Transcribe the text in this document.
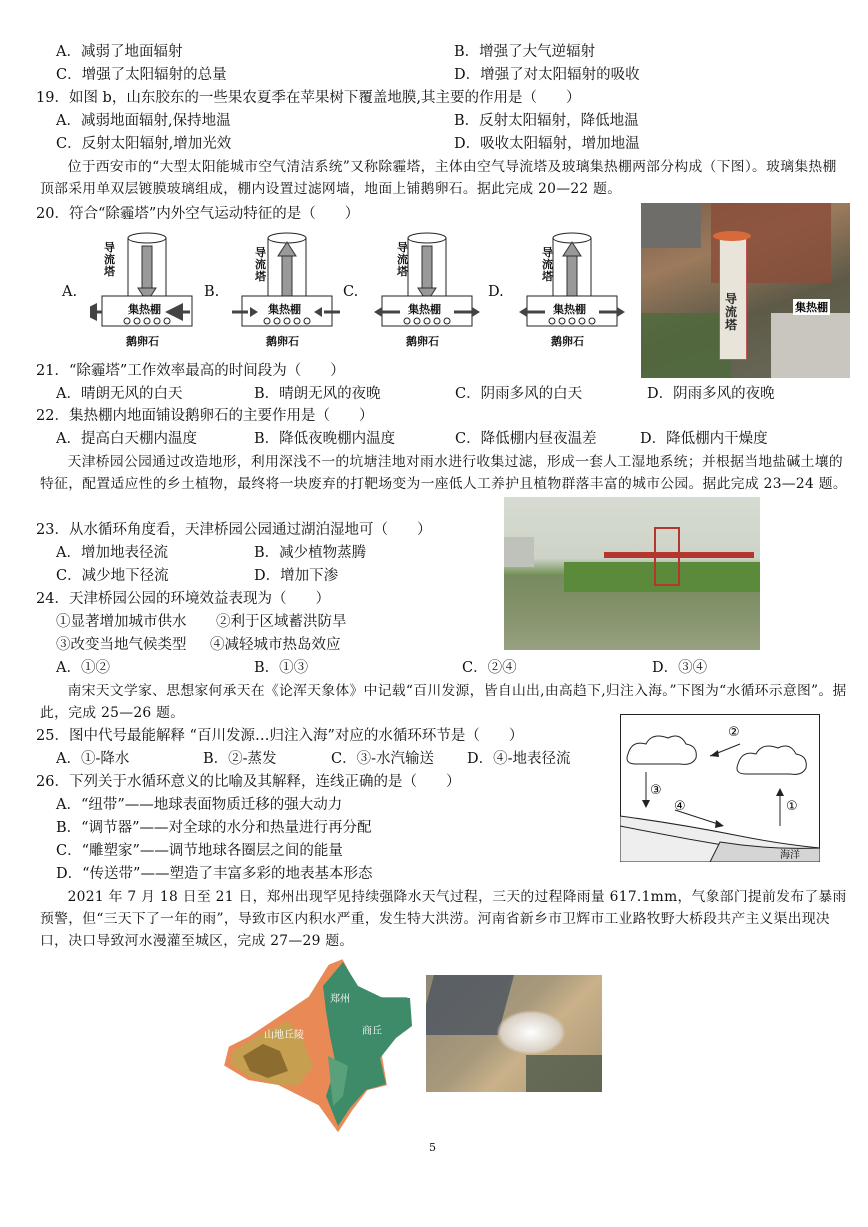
A．减弱了地面辐射	B．增强了大气逆辐射
C．增强了太阳辐射的总量	D．增强了对太阳辐射的吸收
19．如图 b，山东胶东的一些果农夏季在苹果树下覆盖地膜,其主要的作用是（　　）
A．减弱地面辐射,保持地温	B．反射太阳辐射，降低地温
C．反射太阳辐射,增加光效	D．吸收太阳辐射，增加地温
位于西安市的“大型太阳能城市空气清洁系统”又称除霾塔，主体由空气导流塔及玻璃集热棚两部分构成（下图）。玻璃集热棚顶部采用单双层镀膜玻璃组成，棚内设置过滤网墙，地面上铺鹅卵石。据此完成 20—22 题。
20．符合“除霾塔”内外空气运动特征的是（　　）
A.	B.	C.	D.
导流塔
集热棚
鹅卵石
导流塔
集热棚
鹅卵石
导流塔
集热棚
鹅卵石
导流塔
集热棚
鹅卵石
导流塔
集热棚
21．“除霾塔”工作效率最高的时间段为（　　）
A．晴朗无风的白天	B．晴朗无风的夜晚	C．阴雨多风的白天	D．阴雨多风的夜晚
22．集热棚内地面铺设鹅卵石的主要作用是（　　）
A．提高白天棚内温度	B．降低夜晚棚内温度	C．降低棚内昼夜温差	D．降低棚内干燥度
天津桥园公园通过改造地形，利用深浅不一的坑塘洼地对雨水进行收集过滤，形成一套人工湿地系统；并根据当地盐碱土壤的特征，配置适应性的乡土植物，最终将一块废弃的打靶场变为一座低人工养护且植物群落丰富的城市公园。据此完成 23—24 题。
23．从水循环角度看，天津桥园公园通过湖泊湿地可（　　）
A．增加地表径流	B．减少植物蒸腾
C．减少地下径流	D．增加下渗
24．天津桥园公园的环境效益表现为（　　）
①显著增加城市供水 ②利于区域蓄洪防旱
③改变当地气候类型 ④减轻城市热岛效应
A．①②	B．①③	C．②④	D．③④
南宋天文学家、思想家何承天在《论浑天象体》中记载“百川发源，皆自山出,由高趋下,归注入海。”下图为“水循环示意图”。据此，完成 25—26 题。
25．图中代号最能解释 “百川发源…归注入海”对应的水循环环节是（　　）
A．①-降水	B．②-蒸发	C．③-水汽输送 D．④-地表径流
②
③
④	①
海洋
26．下列关于水循环意义的比喻及其解释，连线正确的是（　　）
A．“纽带”——地球表面物质迁移的强大动力
B．“调节器”——对全球的水分和热量进行再分配
C．“雕塑家”——调节地球各圈层之间的能量
D．“传送带”——塑造了丰富多彩的地表基本形态
2021 年 7 月 18 日至 21 日，郑州出现罕见持续强降水天气过程，三天的过程降雨量 617.1mm，气象部门提前发布了暴雨预警，但“三天下了一年的雨”，导致市区内积水严重，发生特大洪涝。河南省新乡市卫辉市工业路牧野大桥段共产主义渠出现决口，决口导致河水漫灌至城区，完成 27—29 题。
郑州
商丘
山地丘陵
5
